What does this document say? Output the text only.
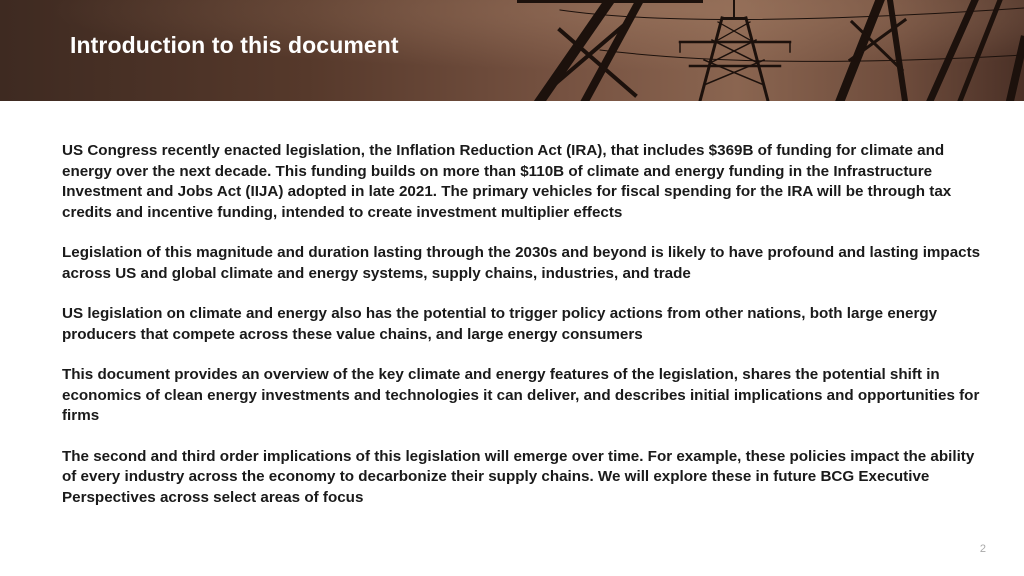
Introduction to this document

US Congress recently enacted legislation, the Inflation Reduction Act (IRA), that includes $369B of funding for climate and energy over the next decade. This funding builds on more than $110B of climate and energy funding in the Infrastructure Investment and Jobs Act (IIJA) adopted in late 2021. The primary vehicles for fiscal spending for the IRA will be through tax credits and incentive funding, intended to create investment multiplier effects

Legislation of this magnitude and duration lasting through the 2030s and beyond is likely to have profound and lasting impacts across US and global climate and energy systems, supply chains, industries, and trade

US legislation on climate and energy also has the potential to trigger policy actions from other nations, both large energy producers that compete across these value chains, and large energy consumers

This document provides an overview of the key climate and energy features of the legislation, shares the potential shift in economics of clean energy investments and technologies it can deliver, and describes initial implications and opportunities for firms

The second and third order implications of this legislation will emerge over time. For example, these policies impact the ability of every industry across the economy to decarbonize their supply chains. We will explore these in future BCG Executive Perspectives across select areas of focus

2
